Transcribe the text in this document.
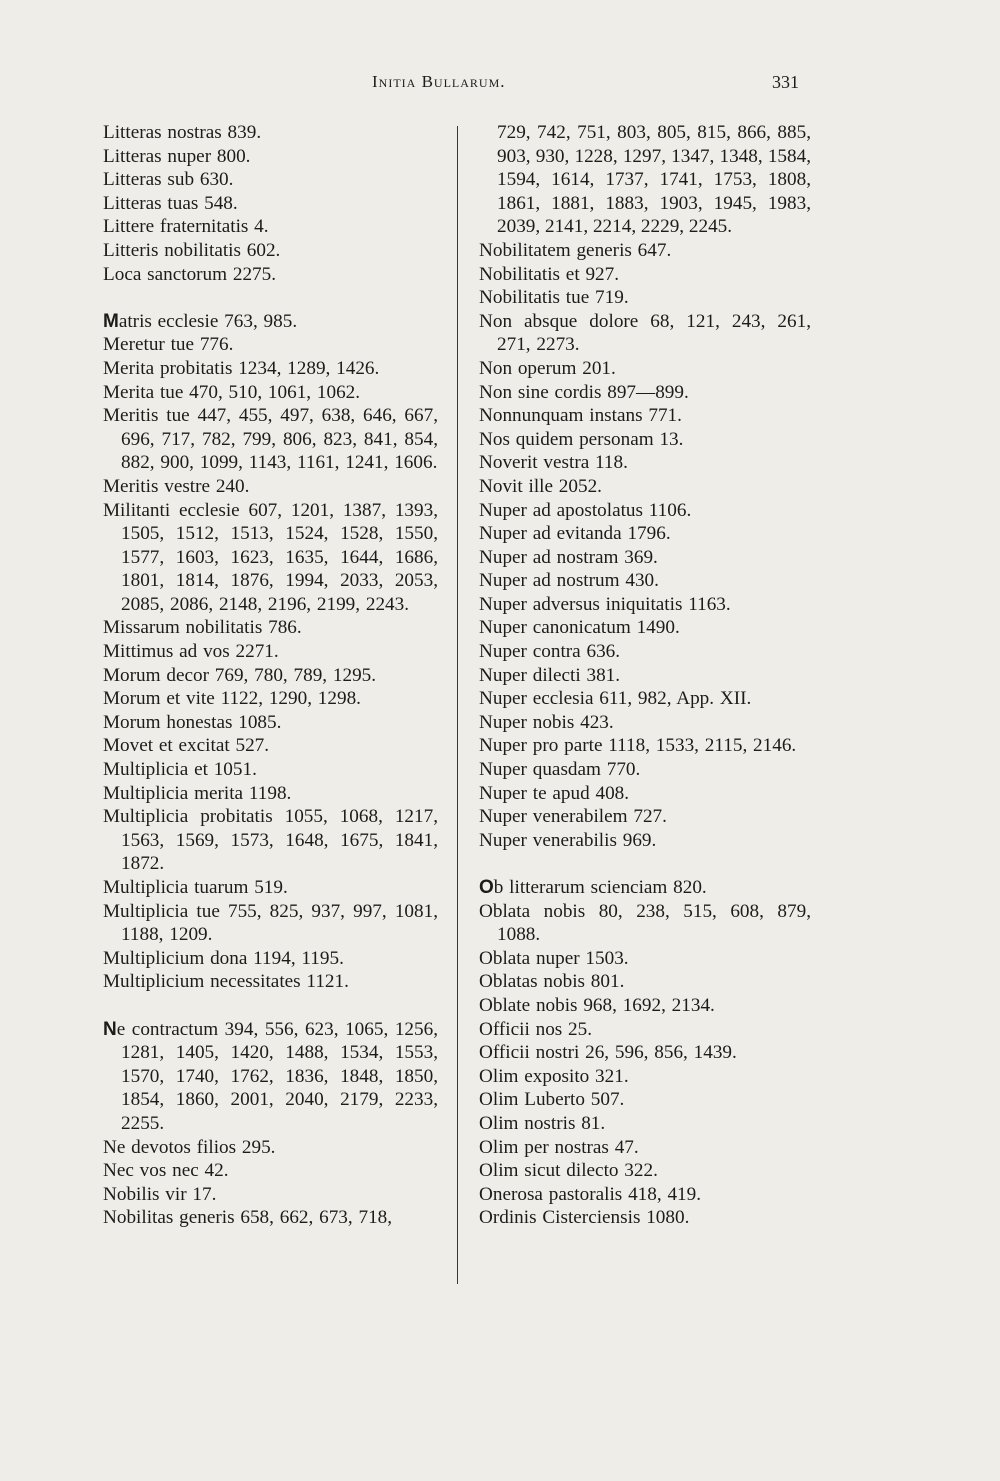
Initia Bullarum.	331
Litteras nostras 839.
Litteras nuper 800.
Litteras sub 630.
Litteras tuas 548.
Littere fraternitatis 4.
Litteris nobilitatis 602.
Loca sanctorum 2275.
Matris ecclesie 763, 985.
Meretur tue 776.
Merita probitatis 1234, 1289, 1426.
Merita tue 470, 510, 1061, 1062.
Meritis tue 447, 455, 497, 638, 646, 667, 696, 717, 782, 799, 806, 823, 841, 854, 882, 900, 1099, 1143, 1161, 1241, 1606.
Meritis vestre 240.
Militanti ecclesie 607, 1201, 1387, 1393, 1505, 1512, 1513, 1524, 1528, 1550, 1577, 1603, 1623, 1635, 1644, 1686, 1801, 1814, 1876, 1994, 2033, 2053, 2085, 2086, 2148, 2196, 2199, 2243.
Missarum nobilitatis 786.
Mittimus ad vos 2271.
Morum decor 769, 780, 789, 1295.
Morum et vite 1122, 1290, 1298.
Morum honestas 1085.
Movet et excitat 527.
Multiplicia et 1051.
Multiplicia merita 1198.
Multiplicia probitatis 1055, 1068, 1217, 1563, 1569, 1573, 1648, 1675, 1841, 1872.
Multiplicia tuarum 519.
Multiplicia tue 755, 825, 937, 997, 1081, 1188, 1209.
Multiplicium dona 1194, 1195.
Multiplicium necessitates 1121.
Ne contractum 394, 556, 623, 1065, 1256, 1281, 1405, 1420, 1488, 1534, 1553, 1570, 1740, 1762, 1836, 1848, 1850, 1854, 1860, 2001, 2040, 2179, 2233, 2255.
Ne devotos filios 295.
Nec vos nec 42.
Nobilis vir 17.
Nobilitas generis 658, 662, 673, 718,
729, 742, 751, 803, 805, 815, 866, 885, 903, 930, 1228, 1297, 1347, 1348, 1584, 1594, 1614, 1737, 1741, 1753, 1808, 1861, 1881, 1883, 1903, 1945, 1983, 2039, 2141, 2214, 2229, 2245.
Nobilitatem generis 647.
Nobilitatis et 927.
Nobilitatis tue 719.
Non absque dolore 68, 121, 243, 261, 271, 2273.
Non operum 201.
Non sine cordis 897—899.
Nonnunquam instans 771.
Nos quidem personam 13.
Noverit vestra 118.
Novit ille 2052.
Nuper ad apostolatus 1106.
Nuper ad evitanda 1796.
Nuper ad nostram 369.
Nuper ad nostrum 430.
Nuper adversus iniquitatis 1163.
Nuper canonicatum 1490.
Nuper contra 636.
Nuper dilecti 381.
Nuper ecclesia 611, 982, App. XII.
Nuper nobis 423.
Nuper pro parte 1118, 1533, 2115, 2146.
Nuper quasdam 770.
Nuper te apud 408.
Nuper venerabilem 727.
Nuper venerabilis 969.
Ob litterarum scienciam 820.
Oblata nobis 80, 238, 515, 608, 879, 1088.
Oblata nuper 1503.
Oblatas nobis 801.
Oblate nobis 968, 1692, 2134.
Officii nos 25.
Officii nostri 26, 596, 856, 1439.
Olim exposito 321.
Olim Luberto 507.
Olim nostris 81.
Olim per nostras 47.
Olim sicut dilecto 322.
Onerosa pastoralis 418, 419.
Ordinis Cisterciensis 1080.
